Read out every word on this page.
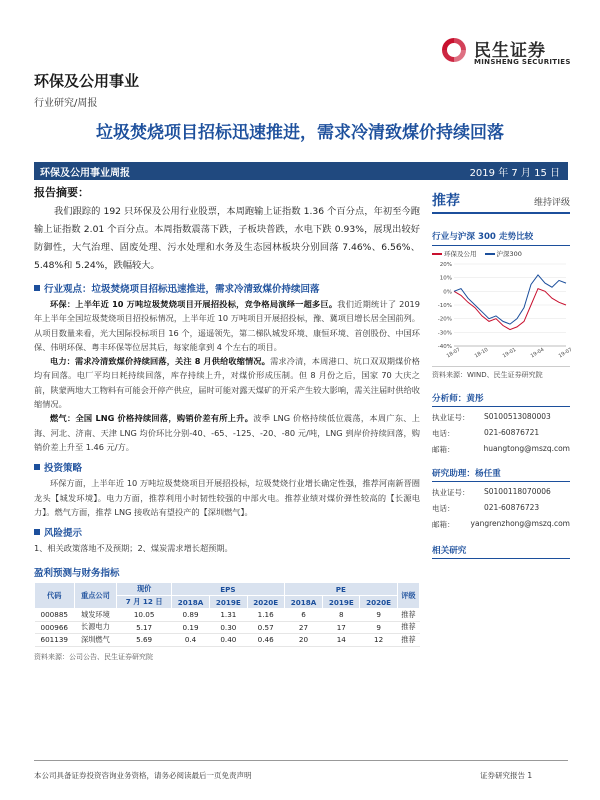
民生证券
MINSHENG SECURITIES
环保及公用事业
行业研究/周报
垃圾焚烧项目招标迅速推进，需求冷清致煤价持续回落
环保及公用事业周报	2019 年 7 月 15 日
报告摘要：
我们跟踪的 192 只环保及公用行业股票，本周跑输上证指数 1.36 个百分点，年初至今跑输上证指数 2.01 个百分点。本周指数震荡下跌，子板块普跌，水电下跌 0.93%，展现出较好防御性，大气治理、固废处理、污水处理和水务及生态园林板块分别回落 7.46%、6.56%、5.48%和 5.24%，跌幅较大。
行业观点：垃圾焚烧项目招标迅速推进，需求冷清致煤价持续回落
环保：上半年近 10 万吨垃圾焚烧项目开展招投标，竞争格局演绎一超多巨。我们近期统计了 2019 年上半年全国垃圾焚烧项目招投标情况，上半年近 10 万吨项目开展招投标，豫、冀项目增长居全国前列。从项目数量来看，光大国际投标项目 16 个，遥遥领先，第二梯队城发环境、康恒环境、首创股份、中国环保、伟明环保、粤丰环保等位居其后，每家能拿到 4 个左右的项目。
电力：需求冷清致煤价持续回落，关注 8 月供给收缩情况。需求冷清，本周港口、坑口双双期煤价格均有回落。电厂平均日耗持续回落，库存持续上升，对煤价形成压制。但 8 月份之后，国家 70 大庆之前，陕蒙两地大工物料有可能会开停产供应，届时可能对露天煤矿的开采产生较大影响，需关注届时供给收缩情况。
燃气：全国 LNG 价格持续回落，购销价差有所上升。波季 LNG 价格持续低位震荡，本周广东、上海、河北、济南、天津 LNG 均价环比分别-40、-65、-125、-20、-80 元/吨，LNG 到岸价持续回落，购销价差上升至 1.46 元/方。
投资策略
环保方面，上半年近 10 万吨垃圾焚烧项目开展招投标，垃圾焚烧行业增长确定性强，推荐河南新晋圈龙头【城发环境】。电力方面，推荐利用小时韧性较强的中部火电。推荐业绩对煤价弹性较高的【长源电力】。燃气方面，推荐 LNG 接收站有望投产的【深圳燃气】。
风险提示
1、相关政策落地不及预期；2、煤炭需求增长超预期。
盈利预测与财务指标
代码	重点公司	现价	EPS			PE			评级
		7 月 12 日	2018A	2019E	2020E	2018A	2019E	2020E	
000885	城发环境	10.05	0.89	1.31	1.16	6	8	9	推荐
000966	长源电力	5.17	0.19	0.30	0.57	27	17	9	推荐
601139	深圳燃气	5.69	0.4	0.40	0.46	20	14	12	推荐
资料来源：公司公告、民生证券研究院
推荐	维持评级
行业与沪深 300 走势比较
环保及公用	沪深300
20%
10%
0%
-10%
-20%
-30%
-40%
18-07 18-10 19-01 19-04 19-07
资料来源：WIND、民生证券研究院
分析师：黄彤
执业证号：	S0100513080003
电话：	021-60876721
邮箱：	huangtong@mszq.com
研究助理：杨任重
执业证号：	S0100118070006
电话：	021-60876723
邮箱：	yangrenzhong@mszq.com
相关研究
本公司具备证券投资咨询业务资格，请务必阅读最后一页免责声明	证券研究报告 1
